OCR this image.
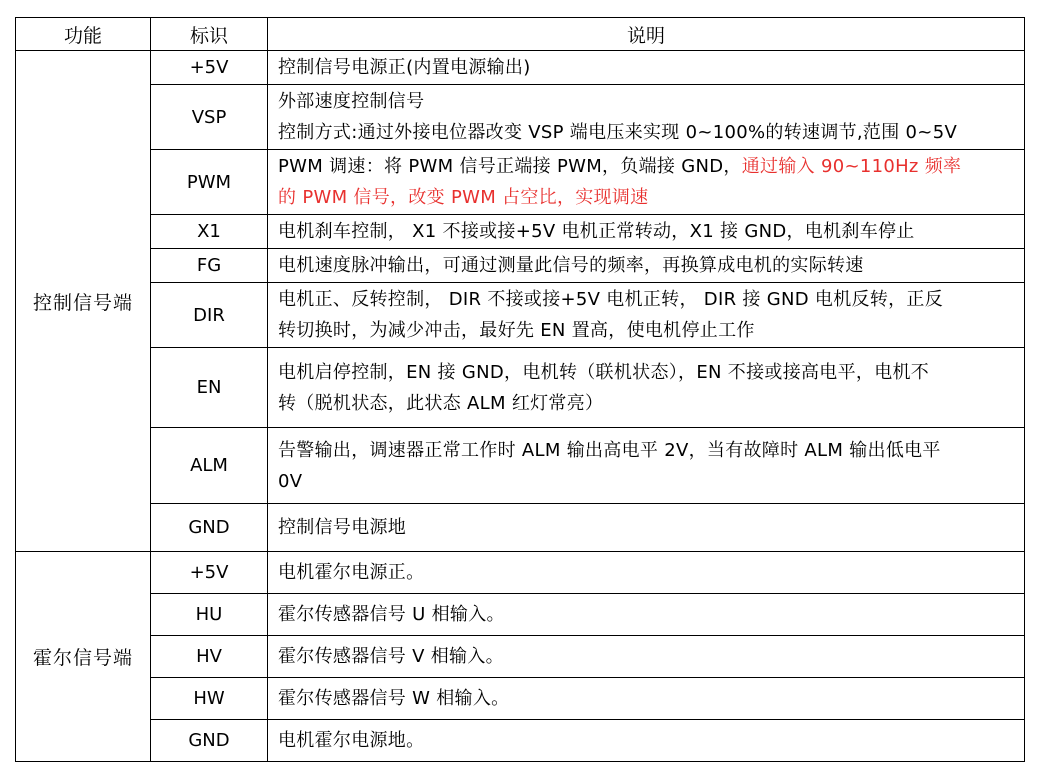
功能	标识	说明
控制信号端	+5V	控制信号电源正(内置电源输出)
	VSP	外部速度控制信号
控制方式:通过外接电位器改变 VSP 端电压来实现 0~100%的转速调节,范围 0~5V

	PWM	PWM 调速：将 PWM 信号正端接 PWM，负端接 GND，通过输入 90~110Hz 频率
的 PWM 信号，改变 PWM 占空比，实现调速

	X1	电机刹车控制， X1 不接或接+5V 电机正常转动，X1 接 GND，电机刹车停止
	FG	电机速度脉冲输出，可通过测量此信号的频率，再换算成电机的实际转速
	DIR	电机正、反转控制， DIR 不接或接+5V 电机正转， DIR 接 GND 电机反转，正反
转切换时，为减少冲击，最好先 EN 置高，使电机停止工作

	EN	电机启停控制，EN 接 GND，电机转（联机状态），EN 不接或接高电平，电机不
转（脱机状态，此状态 ALM 红灯常亮）

	ALM	告警输出，调速器正常工作时 ALM 输出高电平 2V，当有故障时 ALM 输出低电平
0V

	GND	控制信号电源地
霍尔信号端	+5V	电机霍尔电源正。
	HU	霍尔传感器信号 U 相输入。
	HV	霍尔传感器信号 V 相输入。
	HW	霍尔传感器信号 W 相输入。
	GND	电机霍尔电源地。
